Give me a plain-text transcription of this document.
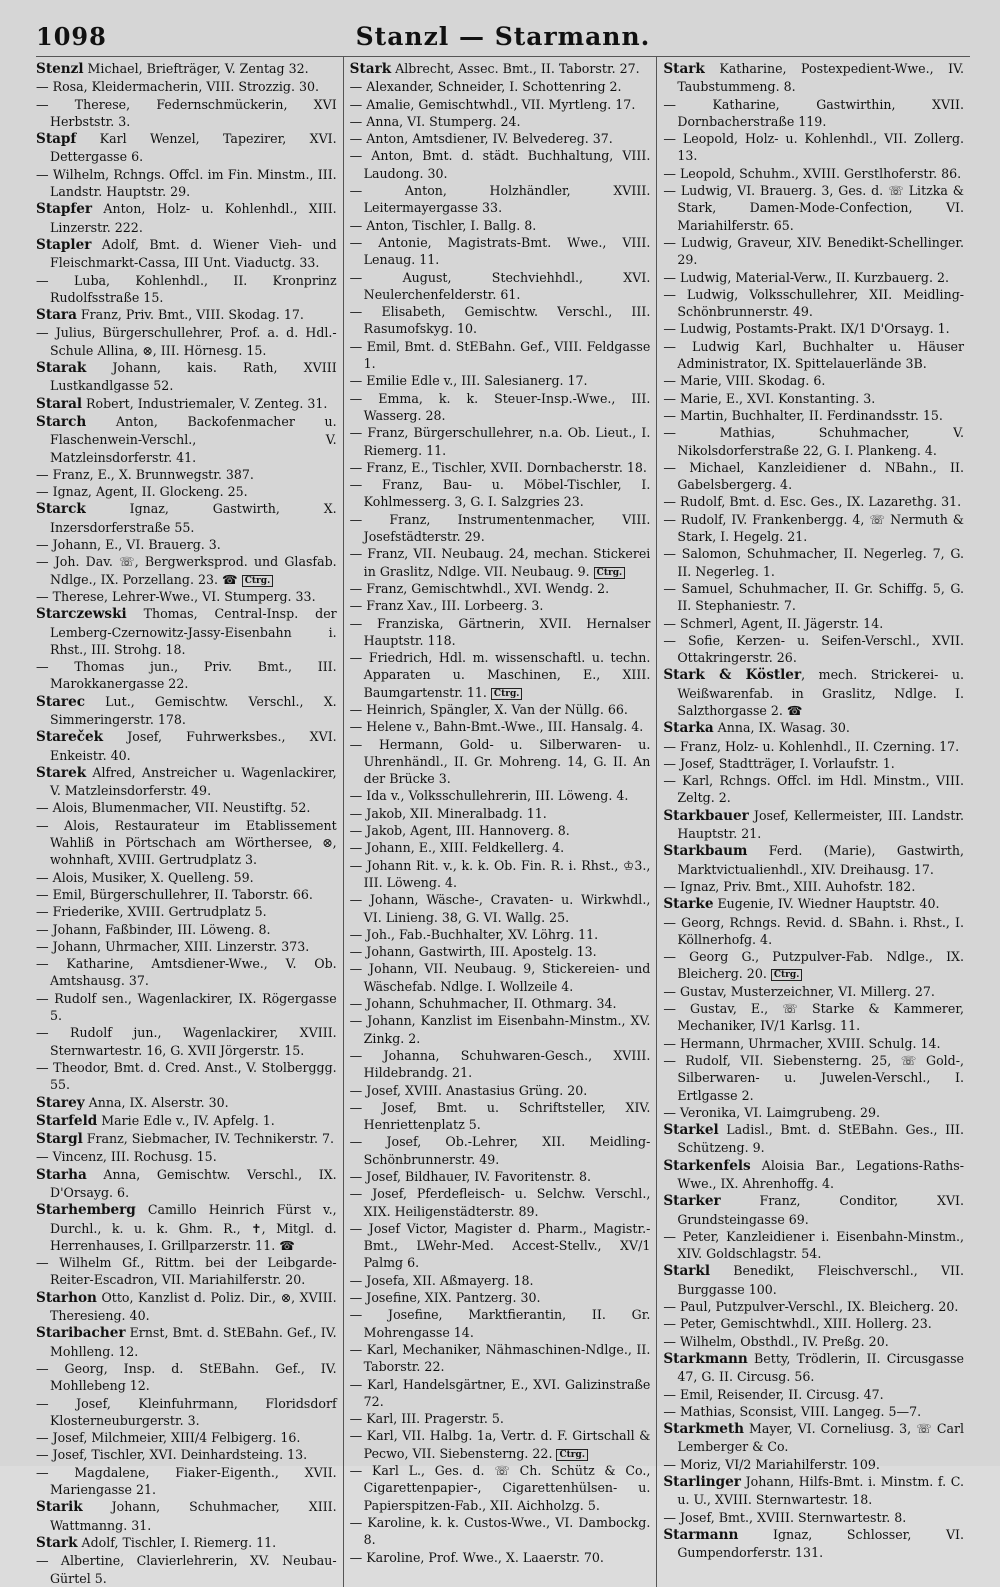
1098	Stanzl — Starmann.

Stenzl Michael, Briefträger, V. Zentag 32.

— Rosa, Kleidermacherin, VIII. Strozzig. 30.

— Therese, Federnschmückerin, XVI Herbststr. 3.

Stapf Karl Wenzel, Tapezirer, XVI. Dettergasse 6.

— Wilhelm, Rchngs. Offcl. im Fin. Minstm., III. Landstr. Hauptstr. 29.

Stapfer Anton, Holz- u. Kohlenhdl., XIII. Linzerstr. 222.

Stapler Adolf, Bmt. d. Wiener Vieh- und Fleischmarkt-Cassa, III Unt. Viaductg. 33.

— Luba, Kohlenhdl., II. Kronprinz Rudolfsstraße 15.

Stara Franz, Priv. Bmt., VIII. Skodag. 17.

— Julius, Bürgerschullehrer, Prof. a. d. Hdl.-Schule Allina, ⊗, III. Hörnesg. 15.

Starak Johann, kais. Rath, XVIII Lustkandlgasse 52.

Staral Robert, Industriemaler, V. Zenteg. 31.

Starch Anton, Backofenmacher u. Flaschenwein-Verschl., V. Matzleinsdorferstr. 41.

— Franz, E., X. Brunnwegstr. 387.

— Ignaz, Agent, II. Glockeng. 25.

Starck Ignaz, Gastwirth, X. Inzersdorferstraße 55.

— Johann, E., VI. Brauerg. 3.

— Joh. Dav. ☏, Bergwerksprod. und Glasfab. Ndlge., IX. Porzellang. 23. ☎ Ctrg.

— Therese, Lehrer-Wwe., VI. Stumperg. 33.

Starczewski Thomas, Central-Insp. der Lemberg-Czernowitz-Jassy-Eisenbahn i. Rhst., III. Strohg. 18.

— Thomas jun., Priv. Bmt., III. Marokkanergasse 22.

Starec Lut., Gemischtw. Verschl., X. Simmeringerstr. 178.

Stareček Josef, Fuhrwerksbes., XVI. Enkeistr. 40.

Starek Alfred, Anstreicher u. Wagenlackirer, V. Matzleinsdorferstr. 49.

— Alois, Blumenmacher, VII. Neustiftg. 52.

— Alois, Restaurateur im Etablissement Wahliß in Pörtschach am Wörthersee, ⊗, wohnhaft, XVIII. Gertrudplatz 3.

— Alois, Musiker, X. Quelleng. 59.

— Emil, Bürgerschullehrer, II. Taborstr. 66.

— Friederike, XVIII. Gertrudplatz 5.

— Johann, Faßbinder, III. Löweng. 8.

— Johann, Uhrmacher, XIII. Linzerstr. 373.

— Katharine, Amtsdiener-Wwe., V. Ob. Amtshausg. 37.

— Rudolf sen., Wagenlackirer, IX. Rögergasse 5.

— Rudolf jun., Wagenlackirer, XVIII. Sternwartestr. 16, G. XVII Jörgerstr. 15.

— Theodor, Bmt. d. Cred. Anst., V. Stolberggg. 55.

Starey Anna, IX. Alserstr. 30.

Starfeld Marie Edle v., IV. Apfelg. 1.

Stargl Franz, Siebmacher, IV. Technikerstr. 7.

— Vincenz, III. Rochusg. 15.

Starha Anna, Gemischtw. Verschl., IX. D'Orsayg. 6.

Starhemberg Camillo Heinrich Fürst v., Durchl., k. u. k. Ghm. R., ✝, Mitgl. d. Herrenhauses, I. Grillparzerstr. 11. ☎

— Wilhelm Gf., Rittm. bei der Leibgarde-Reiter-Escadron, VII. Mariahilferstr. 20.

Starhon Otto, Kanzlist d. Poliz. Dir., ⊗, XVIII. Theresieng. 40.

Staribacher Ernst, Bmt. d. StEBahn. Gef., IV. Mohlleng. 12.

— Georg, Insp. d. StEBahn. Gef., IV. Mohllebeng 12.

— Josef, Kleinfuhrmann, Floridsdorf Klosterneuburgerstr. 3.

— Josef, Milchmeier, XIII/4 Felbigerg. 16.

— Josef, Tischler, XVI. Deinhardsteing. 13.

— Magdalene, Fiaker-Eigenth., XVII. Mariengasse 21.

Starik Johann, Schuhmacher, XIII. Wattmanng. 31.

Stark Adolf, Tischler, I. Riemerg. 11.

— Albertine, Clavierlehrerin, XV. Neubau-Gürtel 5.

Stark Albrecht, Assec. Bmt., II. Taborstr. 27.

— Alexander, Schneider, I. Schottenring 2.

— Amalie, Gemischtwhdl., VII. Myrtleng. 17.

— Anna, VI. Stumperg. 24.

— Anton, Amtsdiener, IV. Belvedereg. 37.

— Anton, Bmt. d. städt. Buchhaltung, VIII. Laudong. 30.

— Anton, Holzhändler, XVIII. Leitermayergasse 33.

— Anton, Tischler, I. Ballg. 8.

— Antonie, Magistrats-Bmt. Wwe., VIII. Lenaug. 11.

— August, Stechviehhdl., XVI. Neulerchenfelderstr. 61.

— Elisabeth, Gemischtw. Verschl., III. Rasumofskyg. 10.

— Emil, Bmt. d. StEBahn. Gef., VIII. Feldgasse 1.

— Emilie Edle v., III. Salesianerg. 17.

— Emma, k. k. Steuer-Insp.-Wwe., III. Wasserg. 28.

— Franz, Bürgerschullehrer, n.a. Ob. Lieut., I. Riemerg. 11.

— Franz, E., Tischler, XVII. Dornbacherstr. 18.

— Franz, Bau- u. Möbel-Tischler, I. Kohlmesserg. 3, G. I. Salzgries 23.

— Franz, Instrumentenmacher, VIII. Josefstädterstr. 29.

— Franz, VII. Neubaug. 24, mechan. Stickerei in Graslitz, Ndlge. VII. Neubaug. 9. Ctrg.

— Franz, Gemischtwhdl., XVI. Wendg. 2.

— Franz Xav., III. Lorbeerg. 3.

— Franziska, Gärtnerin, XVII. Hernalser Hauptstr. 118.

— Friedrich, Hdl. m. wissenschaftl. u. techn. Apparaten u. Maschinen, E., XIII. Baumgartenstr. 11. Ctrg.

— Heinrich, Spängler, X. Van der Nüllg. 66.

— Helene v., Bahn-Bmt.-Wwe., III. Hansalg. 4.

— Hermann, Gold- u. Silberwaren- u. Uhrenhändl., II. Gr. Mohreng. 14, G. II. An der Brücke 3.

— Ida v., Volksschullehrerin, III. Löweng. 4.

— Jakob, XII. Mineralbadg. 11.

— Jakob, Agent, III. Hannoverg. 8.

— Johann, E., XIII. Feldkellerg. 4.

— Johann Rit. v., k. k. Ob. Fin. R. i. Rhst., ♔3., III. Löweng. 4.

— Johann, Wäsche-, Cravaten- u. Wirkwhdl., VI. Linieng. 38, G. VI. Wallg. 25.

— Joh., Fab.-Buchhalter, XV. Löhrg. 11.

— Johann, Gastwirth, III. Apostelg. 13.

— Johann, VII. Neubaug. 9, Stickereien- und Wäschefab. Ndlge. I. Wollzeile 4.

— Johann, Schuhmacher, II. Othmarg. 34.

— Johann, Kanzlist im Eisenbahn-Minstm., XV. Zinkg. 2.

— Johanna, Schuhwaren-Gesch., XVIII. Hildebrandg. 21.

— Josef, XVIII. Anastasius Grüng. 20.

— Josef, Bmt. u. Schriftsteller, XIV. Henriettenplatz 5.

— Josef, Ob.-Lehrer, XII. Meidling-Schönbrunnerstr. 49.

— Josef, Bildhauer, IV. Favoritenstr. 8.

— Josef, Pferdefleisch- u. Selchw. Verschl., XIX. Heiligenstädterstr. 89.

— Josef Victor, Magister d. Pharm., Magistr.-Bmt., LWehr-Med. Accest-Stellv., XV/1 Palmg 6.

— Josefa, XII. Aßmayerg. 18.

— Josefine, XIX. Pantzerg. 30.

— Josefine, Marktfierantin, II. Gr. Mohrengasse 14.

— Karl, Mechaniker, Nähmaschinen-Ndlge., II. Taborstr. 22.

— Karl, Handelsgärtner, E., XVI. Galizinstraße 72.

— Karl, III. Pragerstr. 5.

— Karl, VII. Halbg. 1a, Vertr. d. F. Girtschall & Pecwo, VII. Siebensterng. 22. Ctrg.

— Karl L., Ges. d. ☏ Ch. Schütz & Co., Cigarettenpapier-, Cigarettenhülsen- u. Papierspitzen-Fab., XII. Aichholzg. 5.

— Karoline, k. k. Custos-Wwe., VI. Dambockg. 8.

— Karoline, Prof. Wwe., X. Laaerstr. 70.

Stark Katharine, Postexpedient-Wwe., IV. Taubstummeng. 8.

— Katharine, Gastwirthin, XVII. Dornbacherstraße 119.

— Leopold, Holz- u. Kohlenhdl., VII. Zollerg. 13.

— Leopold, Schuhm., XVIII. Gerstlhoferstr. 86.

— Ludwig, VI. Brauerg. 3, Ges. d. ☏ Litzka & Stark, Damen-Mode-Confection, VI. Mariahilferstr. 65.

— Ludwig, Graveur, XIV. Benedikt-Schellinger. 29.

— Ludwig, Material-Verw., II. Kurzbauerg. 2.

— Ludwig, Volksschullehrer, XII. Meidling-Schönbrunnerstr. 49.

— Ludwig, Postamts-Prakt. IX/1 D'Orsayg. 1.

— Ludwig Karl, Buchhalter u. Häuser Administrator, IX. Spittelauerlände 3B.

— Marie, VIII. Skodag. 6.

— Marie, E., XVI. Konstanting. 3.

— Martin, Buchhalter, II. Ferdinandsstr. 15.

— Mathias, Schuhmacher, V. Nikolsdorferstraße 22, G. I. Plankeng. 4.

— Michael, Kanzleidiener d. NBahn., II. Gabelsbergerg. 4.

— Rudolf, Bmt. d. Esc. Ges., IX. Lazarethg. 31.

— Rudolf, IV. Frankenbergg. 4, ☏ Nermuth & Stark, I. Hegelg. 21.

— Salomon, Schuhmacher, II. Negerleg. 7, G. II. Negerleg. 1.

— Samuel, Schuhmacher, II. Gr. Schiffg. 5, G. II. Stephaniestr. 7.

— Schmerl, Agent, II. Jägerstr. 14.

— Sofie, Kerzen- u. Seifen-Verschl., XVII. Ottakringerstr. 26.

Stark & Köstler, mech. Strickerei- u. Weißwarenfab. in Graslitz, Ndlge. I. Salzthorgasse 2. ☎

Starka Anna, IX. Wasag. 30.

— Franz, Holz- u. Kohlenhdl., II. Czerning. 17.

— Josef, Stadtträger, I. Vorlaufstr. 1.

— Karl, Rchngs. Offcl. im Hdl. Minstm., VIII. Zeltg. 2.

Starkbauer Josef, Kellermeister, III. Landstr. Hauptstr. 21.

Starkbaum Ferd. (Marie), Gastwirth, Marktvictualienhdl., XIV. Dreihausg. 17.

— Ignaz, Priv. Bmt., XIII. Auhofstr. 182.

Starke Eugenie, IV. Wiedner Hauptstr. 40.

— Georg, Rchngs. Revid. d. SBahn. i. Rhst., I. Köllnerhofg. 4.

— Georg G., Putzpulver-Fab. Ndlge., IX. Bleicherg. 20. Ctrg.

— Gustav, Musterzeichner, VI. Millerg. 27.

— Gustav, E., ☏ Starke & Kammerer, Mechaniker, IV/1 Karlsg. 11.

— Hermann, Uhrmacher, XVIII. Schulg. 14.

— Rudolf, VII. Siebensterng. 25, ☏ Gold-, Silberwaren- u. Juwelen-Verschl., I. Ertlgasse 2.

— Veronika, VI. Laimgrubeng. 29.

Starkel Ladisl., Bmt. d. StEBahn. Ges., III. Schützeng. 9.

Starkenfels Aloisia Bar., Legations-Raths-Wwe., IX. Ahrenhoffg. 4.

Starker Franz, Conditor, XVI. Grundsteingasse 69.

— Peter, Kanzleidiener i. Eisenbahn-Minstm., XIV. Goldschlagstr. 54.

Starkl Benedikt, Fleischverschl., VII. Burggasse 100.

— Paul, Putzpulver-Verschl., IX. Bleicherg. 20.

— Peter, Gemischtwhdl., XIII. Hollerg. 23.

— Wilhelm, Obsthdl., IV. Preßg. 20.

Starkmann Betty, Trödlerin, II. Circusgasse 47, G. II. Circusg. 56.

— Emil, Reisender, II. Circusg. 47.

— Mathias, Sconsist, VIII. Langeg. 5—7.

Starkmeth Mayer, VI. Corneliusg. 3, ☏ Carl Lemberger & Co.

— Moriz, VI/2 Mariahilferstr. 109.

Starlinger Johann, Hilfs-Bmt. i. Minstm. f. C. u. U., XVIII. Sternwartestr. 18.

— Josef, Bmt., XVIII. Sternwartestr. 8.

Starmann Ignaz, Schlosser, VI. Gumpendorferstr. 131.
